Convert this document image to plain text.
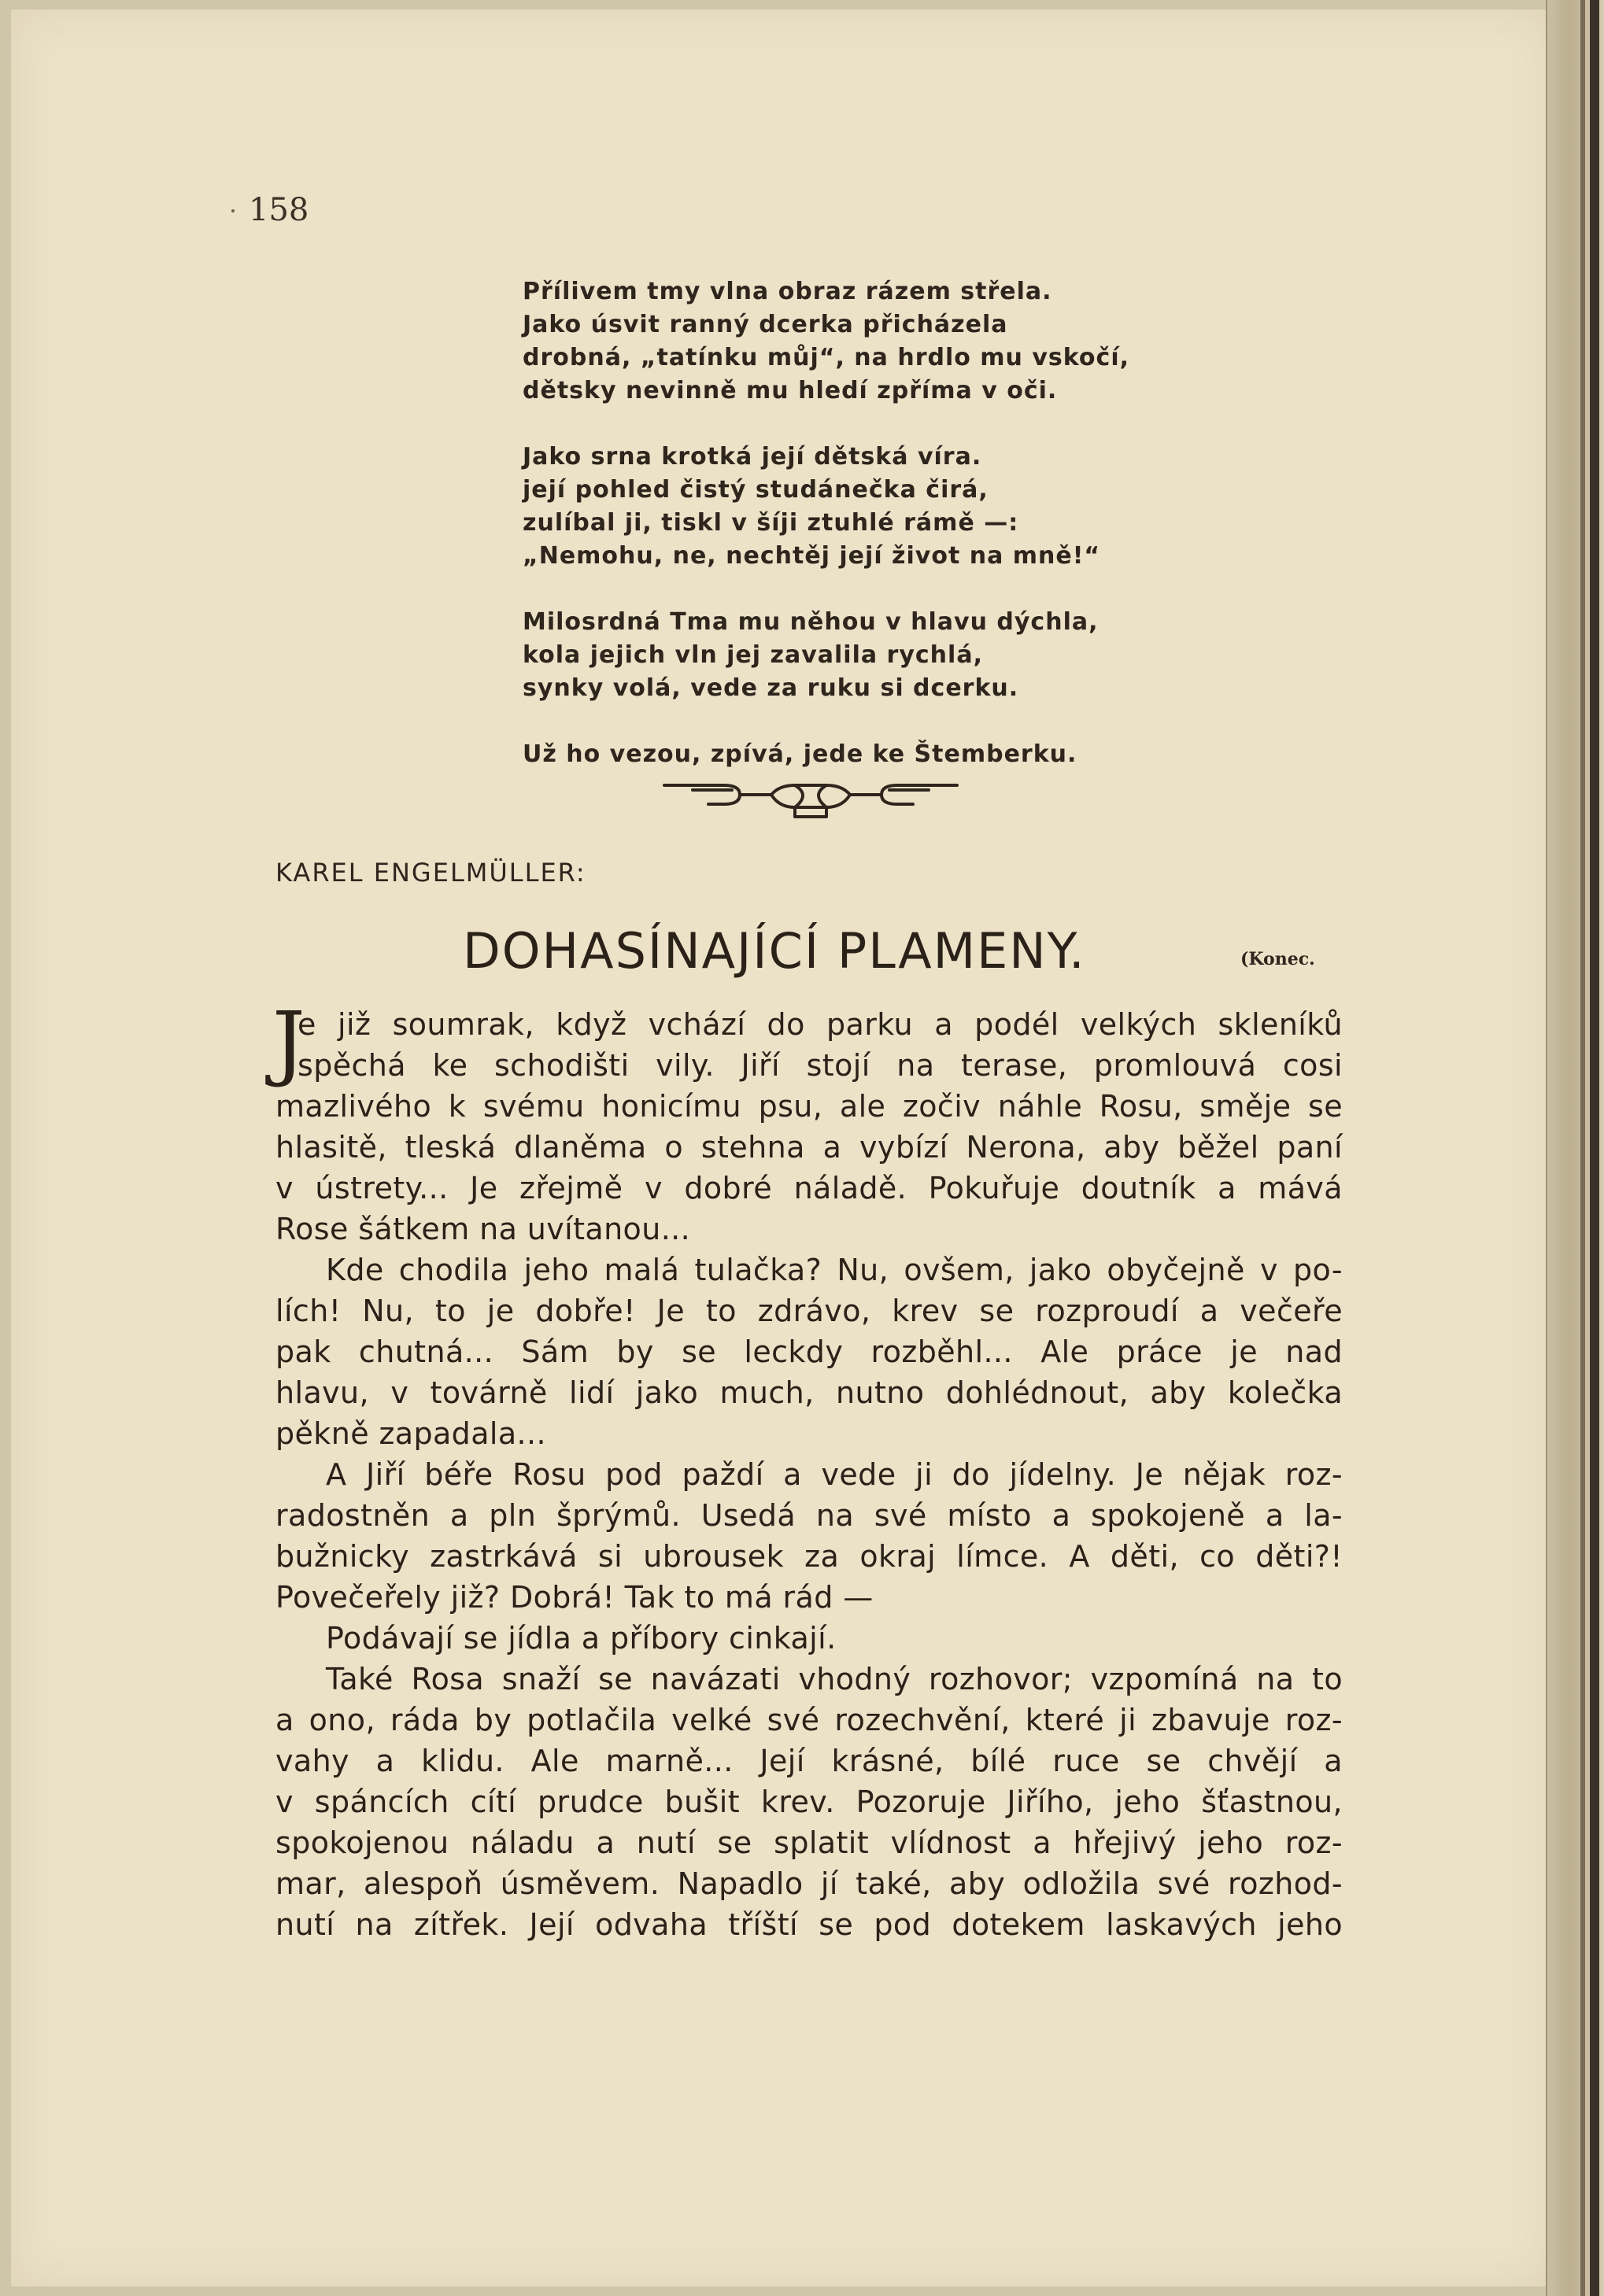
158
Přílivem tmy vlna obraz rázem střela.
Jako úsvit ranný dcerka přicházela
drobná, „tatínku můj“, na hrdlo mu vskočí,
dětsky nevinně mu hledí zpříma v oči.
Jako srna krotká její dětská víra.
její pohled čistý studánečka čirá,
zulíbal ji, tiskl v šíji ztuhlé rámě —:
„Nemohu, ne, nechtěj její život na mně!“
Milosrdná Tma mu něhou v hlavu dýchla,
kola jejich vln jej zavalila rychlá,
synky volá, vede za ruku si dcerku.
Už ho vezou, zpívá, jede ke Štemberku.
KAREL ENGELMÜLLER:
DOHASÍNAJÍCÍ PLAMENY.	(Konec.
J
e již soumrak, když vchází do parku a podél velkých skleníků
spěchá ke schodišti vily. Jiří stojí na terase, promlouvá cosi
mazlivého k svému honicímu psu, ale zočiv náhle Rosu, směje se
hlasitě, tleská dlaněma o stehna a vybízí Nerona, aby běžel paní
v ústrety... Je zřejmě v dobré náladě. Pokuřuje doutník a mává
Rose šátkem na uvítanou...
Kde chodila jeho malá tulačka? Nu, ovšem, jako obyčejně v po-
lích! Nu, to je dobře! Je to zdrávo, krev se rozproudí a večeře
pak chutná... Sám by se leckdy rozběhl... Ale práce je nad
hlavu, v továrně lidí jako much, nutno dohlédnout, aby kolečka
pěkně zapadala...
A Jiří béře Rosu pod paždí a vede ji do jídelny. Je nějak roz-
radostněn a pln šprýmů. Usedá na své místo a spokojeně a la-
bužnicky zastrkává si ubrousek za okraj límce. A děti, co děti?!
Povečeřely již? Dobrá! Tak to má rád —
Podávají se jídla a příbory cinkají.
Také Rosa snaží se navázati vhodný rozhovor; vzpomíná na to
a ono, ráda by potlačila velké své rozechvění, které ji zbavuje roz-
vahy a klidu. Ale marně... Její krásné, bílé ruce se chvějí a
v spáncích cítí prudce bušit krev. Pozoruje Jiřího, jeho šťastnou,
spokojenou náladu a nutí se splatit vlídnost a hřejivý jeho roz-
mar, alespoň úsměvem. Napadlo jí také, aby odložila své rozhod-
nutí na zítřek. Její odvaha tříští se pod dotekem laskavých jeho
